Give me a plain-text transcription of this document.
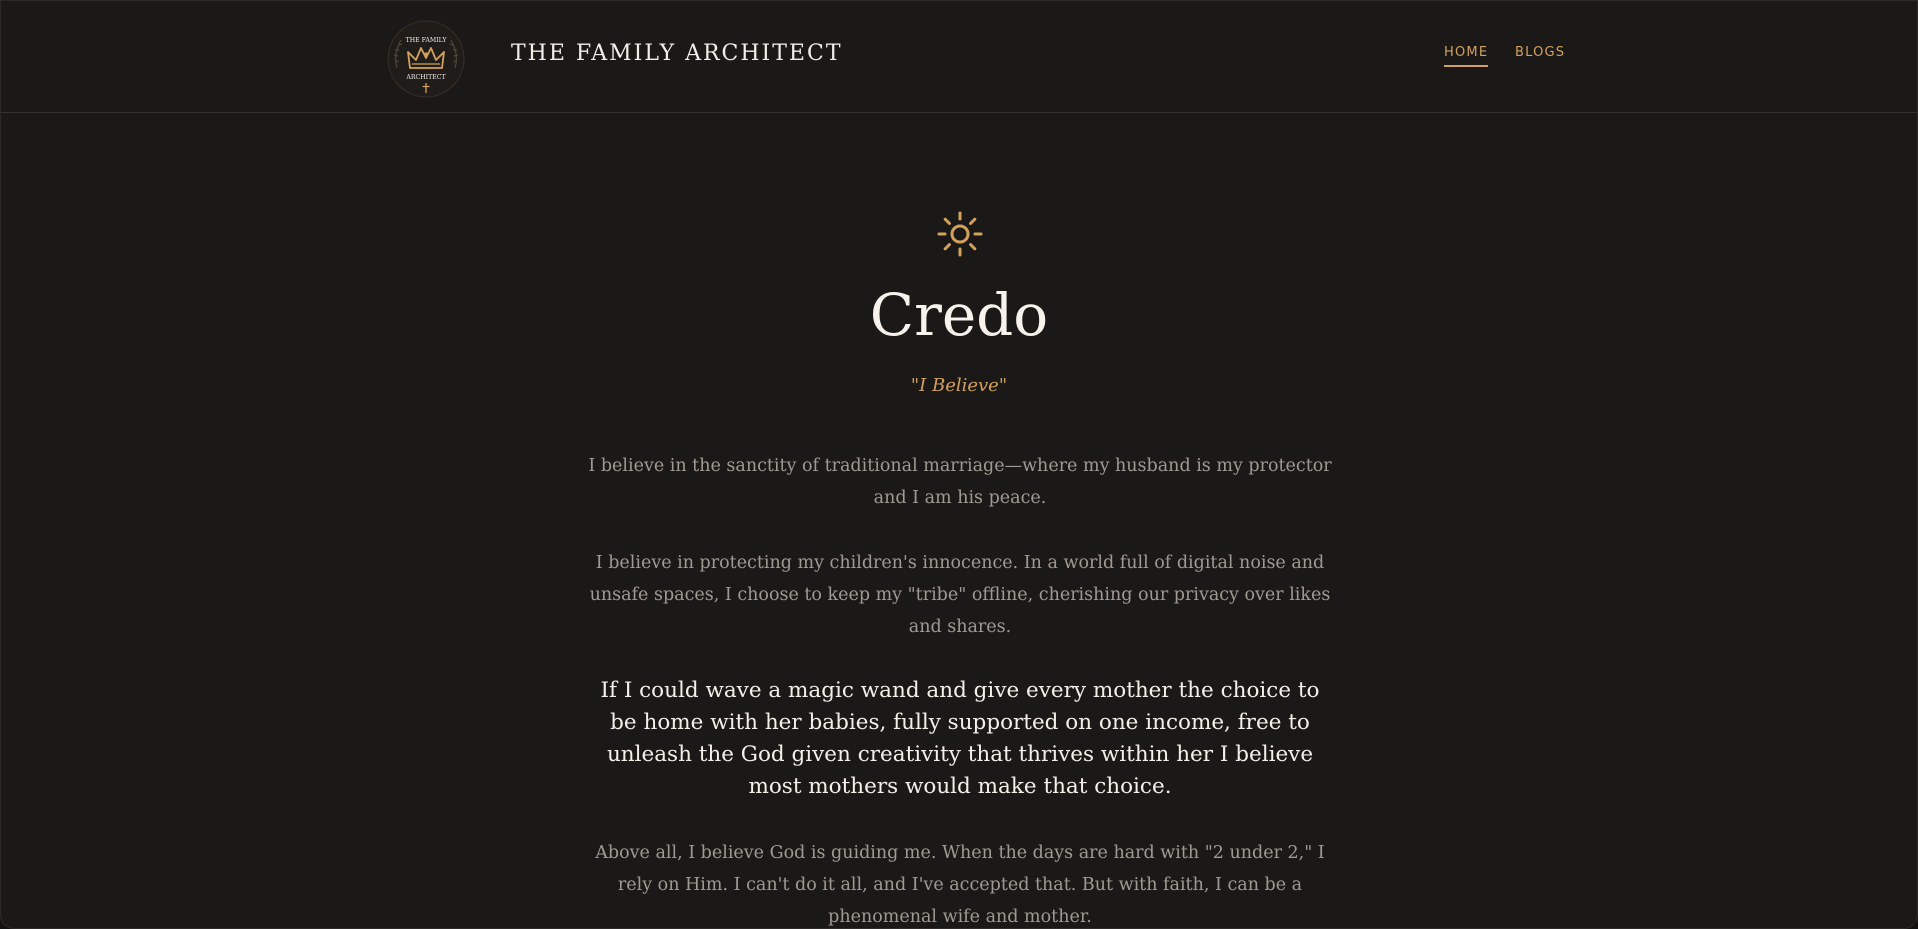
THE FAMILY
ARCHITECT
THE FAMILY ARCHITECT	HOME BLOGS
Credo
"I Believe"

I believe in the sanctity of traditional marriage—where my husband is my protector and I am his peace.

I believe in protecting my children's innocence. In a world full of digital noise and unsafe spaces, I choose to keep my "tribe" offline, cherishing our privacy over likes and shares.

If I could wave a magic wand and give every mother the choice to be home with her babies, fully supported on one income, free to unleash the God given creativity that thrives within her I believe most mothers would make that choice.

Above all, I believe God is guiding me. When the days are hard with "2 under 2," I rely on Him. I can't do it all, and I've accepted that. But with faith, I can be a phenomenal wife and mother.
